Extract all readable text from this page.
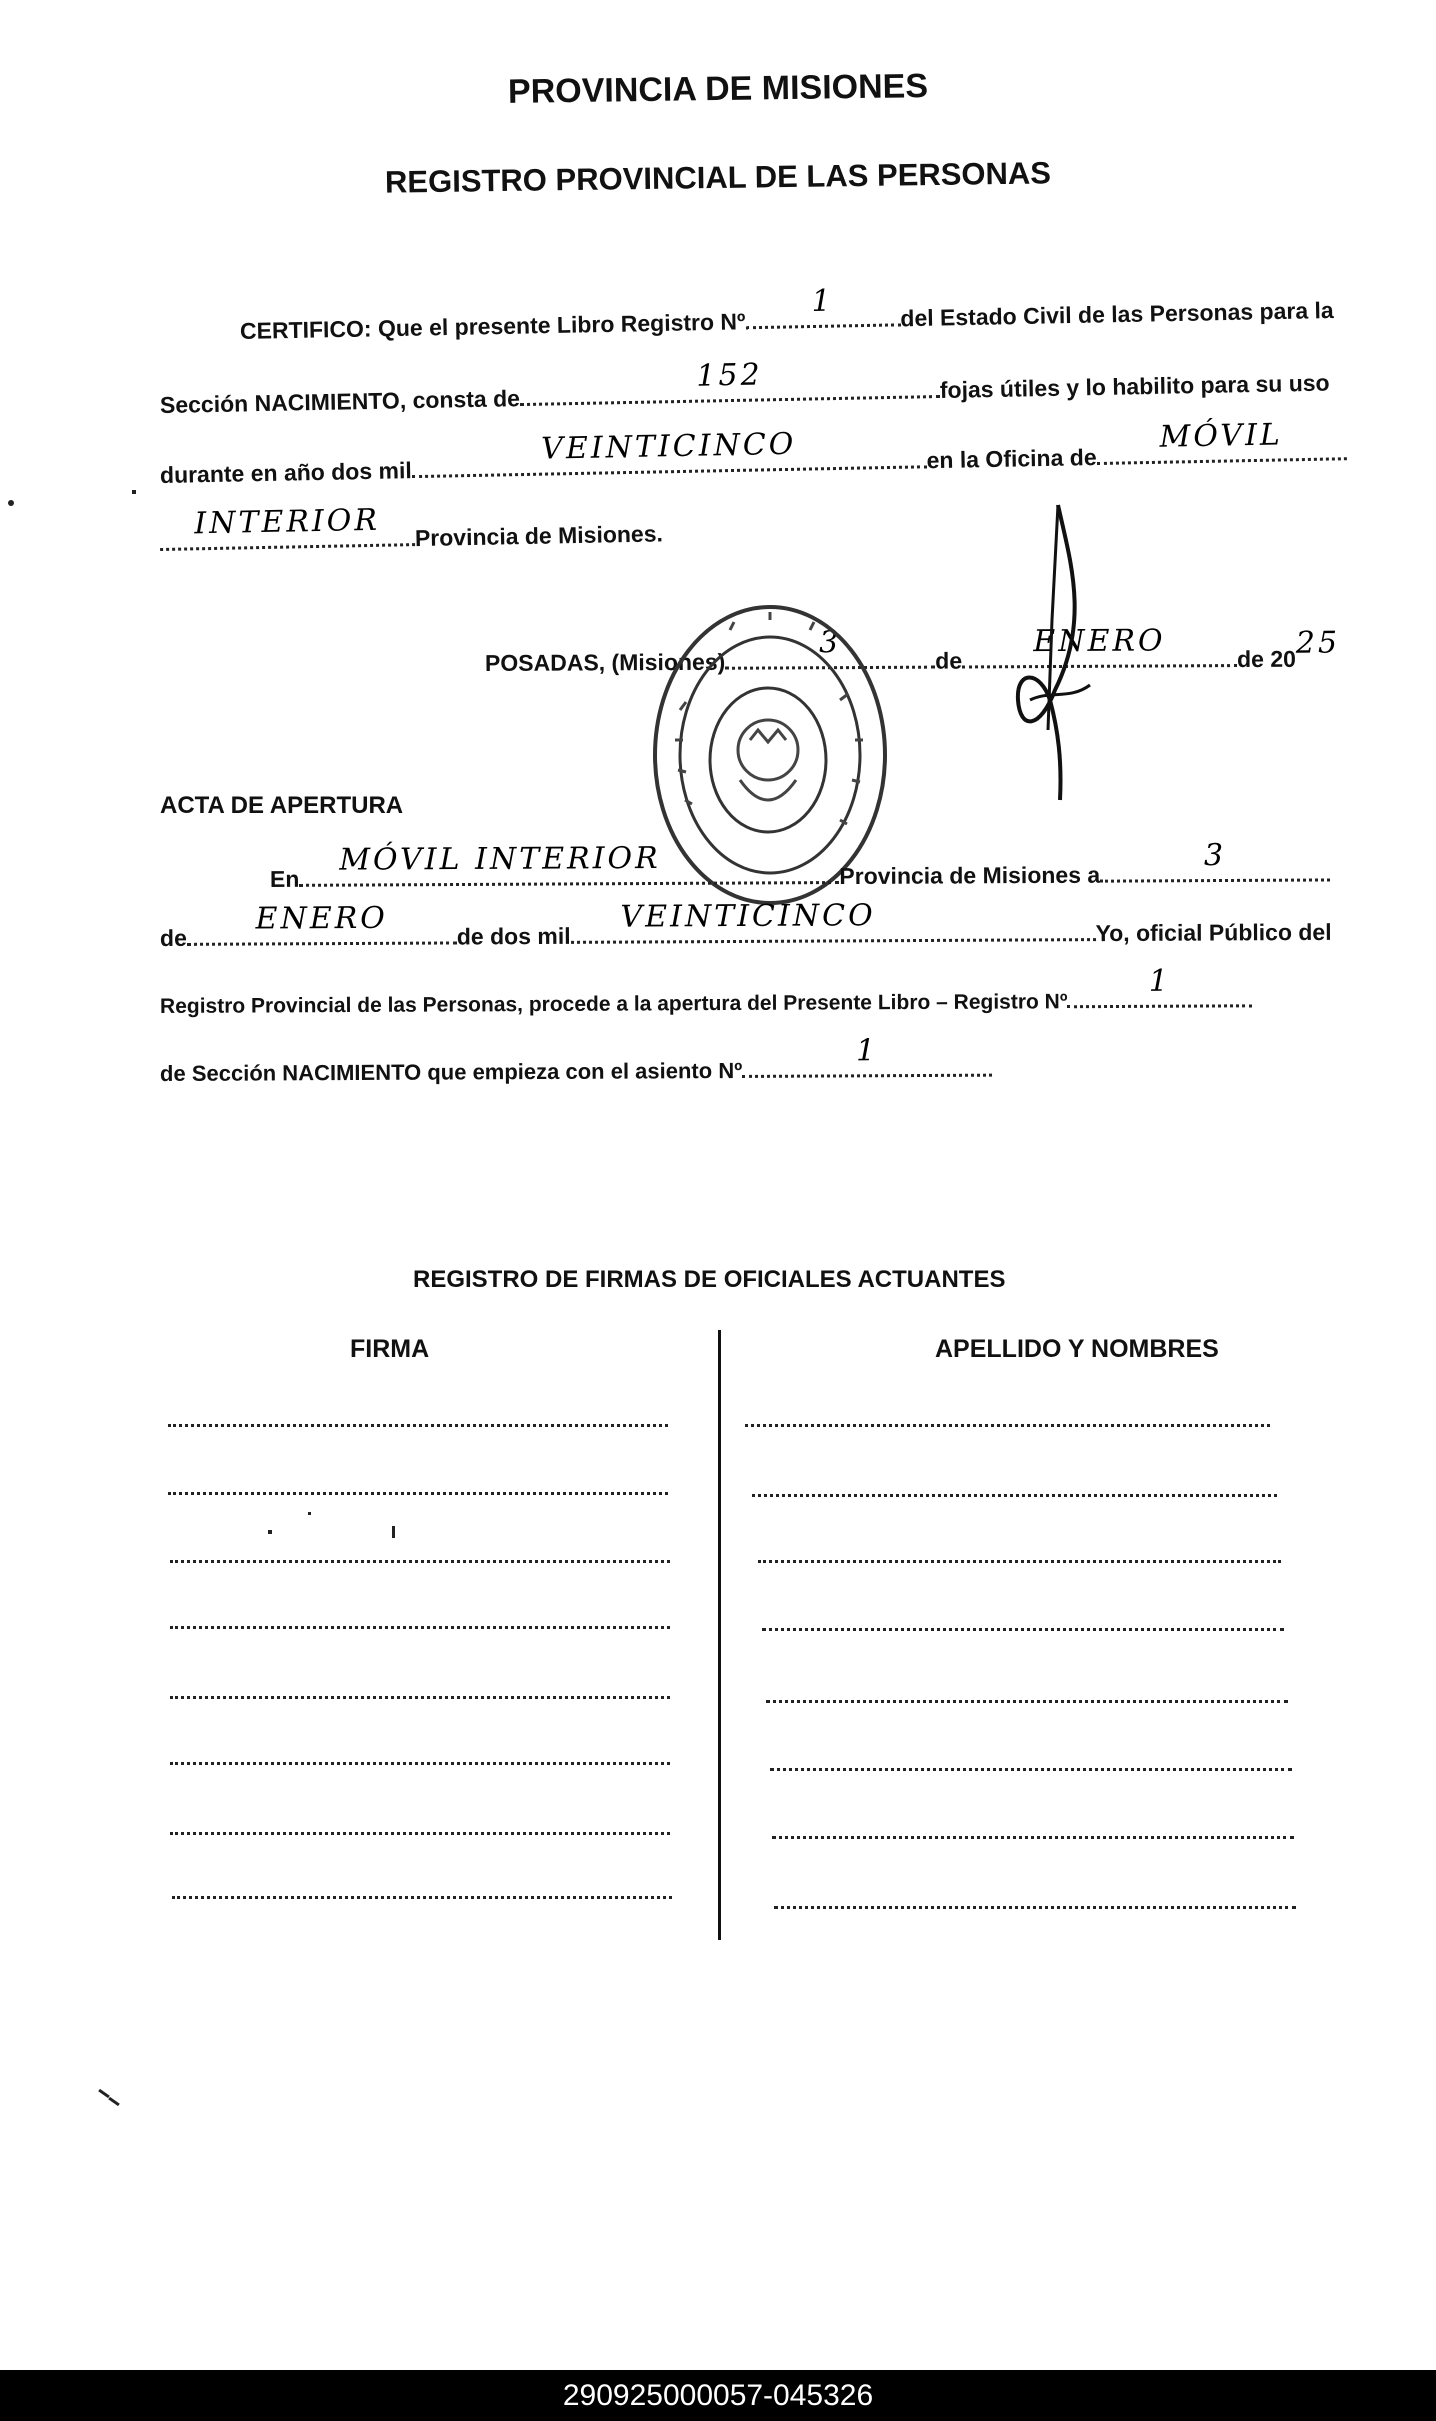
PROVINCIA DE MISIONES
REGISTRO PROVINCIAL DE LAS PERSONAS
CERTIFICO: Que el presente Libro Registro Nº
1	del Estado Civil de las Personas para la
Sección NACIMIENTO, consta de
152	fojas útiles y lo habilito para su uso
durante en año dos mil
VEINTICINCO	en la Oficina de
MÓVIL
INTERIOR	Provincia de Misiones.
POSADAS, (Misiones)
3
de
ENERO	de 20 25
ACTA DE APERTURA
En
MÓVIL INTERIOR	Provincia de Misiones a
3
de
ENERO	de dos mil
VEINTICINCO	Yo, oficial Público del
Registro Provincial de las Personas, procede a la apertura del Presente Libro – Registro Nº
1
de Sección NACIMIENTO que empieza con el asiento Nº
1
REGISTRO DE FIRMAS DE OFICIALES ACTUANTES
FIRMA	APELLIDO Y NOMBRES
290925000057-045326
